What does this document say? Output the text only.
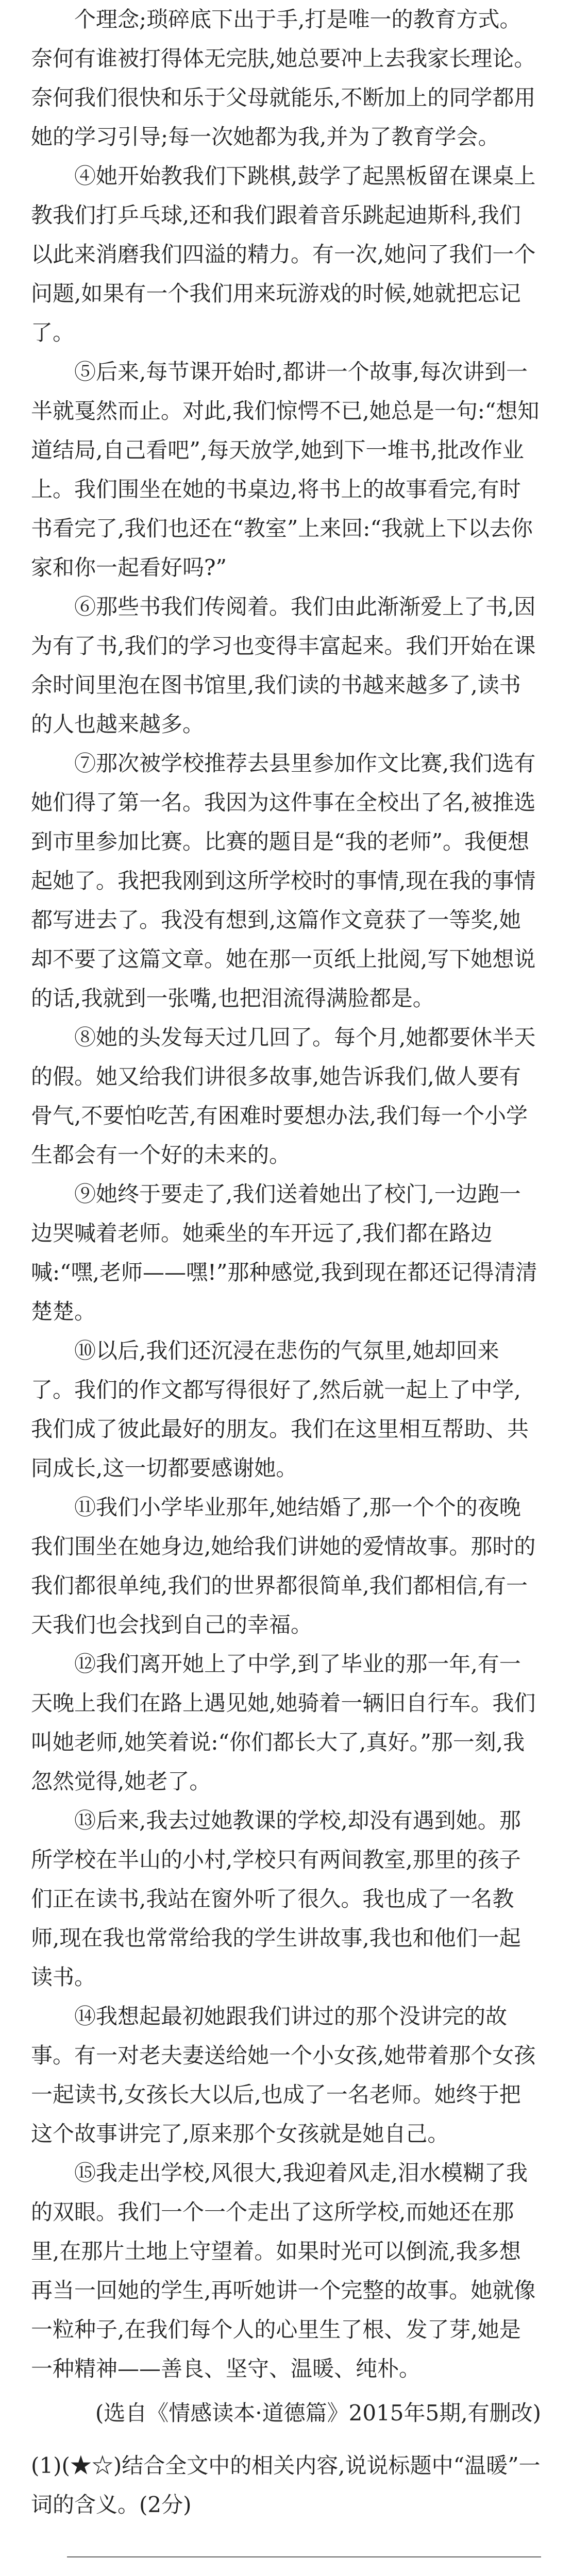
个理念;琐碎底下出于手,打是唯一的教育方式。奈何有谁被打得体无完肤,她总要冲上去我家长理论。奈何我们很快和乐于父母就能乐,不断加上的同学都用她的学习引导;每一次她都为我,并为了教育学会。

④她开始教我们下跳棋,鼓学了起黑板留在课桌上教我们打乒乓球,还和我们跟着音乐跳起迪斯科,我们以此来消磨我们四溢的精力。有一次,她问了我们一个问题,如果有一个我们用来玩游戏的时候,她就把忘记了。

⑤后来,每节课开始时,都讲一个故事,每次讲到一半就戛然而止。对此,我们惊愕不已,她总是一句:“想知道结局,自己看吧”,每天放学,她到下一堆书,批改作业上。我们围坐在她的书桌边,将书上的故事看完,有时书看完了,我们也还在“教室”上来回:“我就上下以去你家和你一起看好吗?”

⑥那些书我们传阅着。我们由此渐渐爱上了书,因为有了书,我们的学习也变得丰富起来。我们开始在课余时间里泡在图书馆里,我们读的书越来越多了,读书的人也越来越多。

⑦那次被学校推荐去县里参加作文比赛,我们选有她们得了第一名。我因为这件事在全校出了名,被推选到市里参加比赛。比赛的题目是“我的老师”。我便想起她了。我把我刚到这所学校时的事情,现在我的事情都写进去了。我没有想到,这篇作文竟获了一等奖,她却不要了这篇文章。她在那一页纸上批阅,写下她想说的话,我就到一张嘴,也把泪流得满脸都是。

⑧她的头发每天过几回了。每个月,她都要休半天的假。她又给我们讲很多故事,她告诉我们,做人要有骨气,不要怕吃苦,有困难时要想办法,我们每一个小学生都会有一个好的未来的。

⑨她终于要走了,我们送着她出了校门,一边跑一边哭喊着老师。她乘坐的车开远了,我们都在路边喊:“嘿,老师——嘿!”那种感觉,我到现在都还记得清清楚楚。

⑩以后,我们还沉浸在悲伤的气氛里,她却回来了。我们的作文都写得很好了,然后就一起上了中学,我们成了彼此最好的朋友。我们在这里相互帮助、共同成长,这一切都要感谢她。

⑪我们小学毕业那年,她结婚了,那一个个的夜晚我们围坐在她身边,她给我们讲她的爱情故事。那时的我们都很单纯,我们的世界都很简单,我们都相信,有一天我们也会找到自己的幸福。

⑫我们离开她上了中学,到了毕业的那一年,有一天晚上我们在路上遇见她,她骑着一辆旧自行车。我们叫她老师,她笑着说:“你们都长大了,真好。”那一刻,我忽然觉得,她老了。

⑬后来,我去过她教课的学校,却没有遇到她。那所学校在半山的小村,学校只有两间教室,那里的孩子们正在读书,我站在窗外听了很久。我也成了一名教师,现在我也常常给我的学生讲故事,我也和他们一起读书。

⑭我想起最初她跟我们讲过的那个没讲完的故事。有一对老夫妻送给她一个小女孩,她带着那个女孩一起读书,女孩长大以后,也成了一名老师。她终于把这个故事讲完了,原来那个女孩就是她自己。

⑮我走出学校,风很大,我迎着风走,泪水模糊了我的双眼。我们一个一个走出了这所学校,而她还在那里,在那片土地上守望着。如果时光可以倒流,我多想再当一回她的学生,再听她讲一个完整的故事。她就像一粒种子,在我们每个人的心里生了根、发了芽,她是一种精神——善良、坚守、温暖、纯朴。

(选自《情感读本·道德篇》2015年5期,有删改)
(1)(★☆)结合全文中的相关内容,说说标题中“温暖”一词的含义。(2分)
